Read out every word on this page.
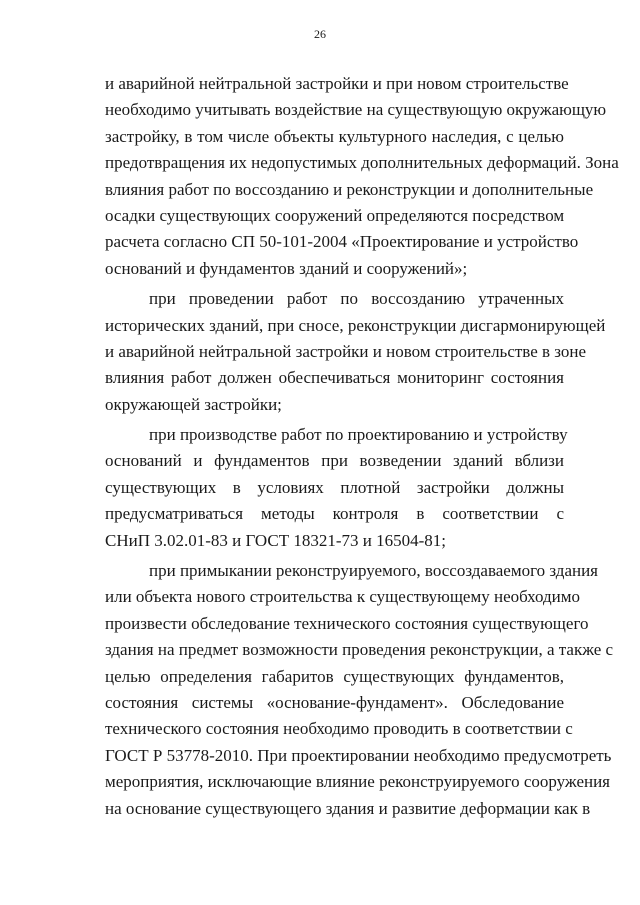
26
и аварийной нейтральной застройки и при новом строительстве
необходимо учитывать воздействие на существующую окружающую
застройку, в том числе объекты культурного наследия, с целью
предотвращения их недопустимых дополнительных деформаций. Зона
влияния работ по воссозданию и реконструкции и дополнительные
осадки существующих сооружений определяются посредством
расчета согласно СП 50-101-2004 «Проектирование и устройство
оснований и фундаментов зданий и сооружений»;
при проведении работ по воссозданию утраченных
исторических зданий, при сносе, реконструкции дисгармонирующей
и аварийной нейтральной застройки и новом строительстве в зоне
влияния работ должен обеспечиваться мониторинг состояния
окружающей застройки;
при производстве работ по проектированию и устройству
оснований и фундаментов при возведении зданий вблизи
существующих в условиях плотной застройки должны
предусматриваться методы контроля в соответствии с
СНиП 3.02.01-83 и ГОСТ 18321-73 и 16504-81;
при примыкании реконструируемого, воссоздаваемого здания
или объекта нового строительства к существующему необходимо
произвести обследование технического состояния существующего
здания на предмет возможности проведения реконструкции, а также с
целью определения габаритов существующих фундаментов,
состояния системы «основание-фундамент». Обследование
технического состояния необходимо проводить в соответствии с
ГОСТ Р 53778-2010. При проектировании необходимо предусмотреть
мероприятия, исключающие влияние реконструируемого сооружения
на основание существующего здания и развитие деформации как в
